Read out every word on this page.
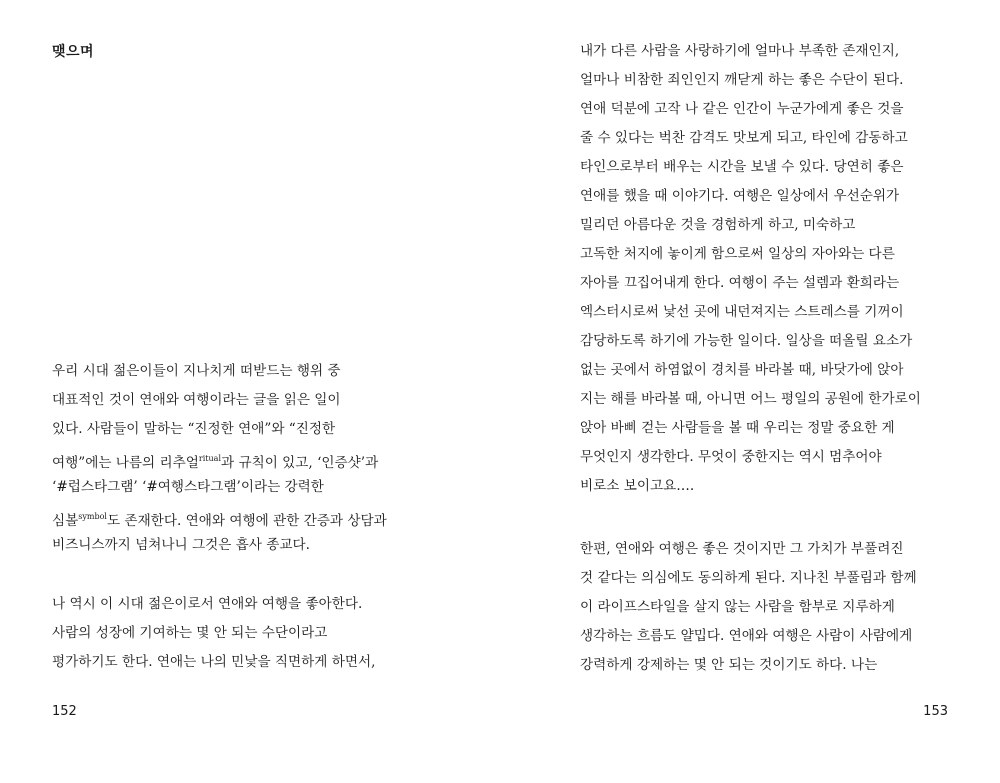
맺으며
우리 시대 젊은이들이 지나치게 떠받드는 행위 중
대표적인 것이 연애와 여행이라는 글을 읽은 일이
있다. 사람들이 말하는 “진정한 연애”와 “진정한
여행”에는 나름의 리추얼$^{ritual}$과 규칙이 있고, ‘인증샷’과
‘#럽스타그램’ ‘#여행스타그램’이라는 강력한
심볼$^{symbol}$도 존재한다. 연애와 여행에 관한 간증과 상담과
비즈니스까지 넘쳐나니 그것은 흡사 종교다.
나 역시 이 시대 젊은이로서 연애와 여행을 좋아한다.
사람의 성장에 기여하는 몇 안 되는 수단이라고
평가하기도 한다. 연애는 나의 민낯을 직면하게 하면서,
152
내가 다른 사람을 사랑하기에 얼마나 부족한 존재인지,
얼마나 비참한 죄인인지 깨닫게 하는 좋은 수단이 된다.
연애 덕분에 고작 나 같은 인간이 누군가에게 좋은 것을
줄 수 있다는 벅찬 감격도 맛보게 되고, 타인에 감동하고
타인으로부터 배우는 시간을 보낼 수 있다. 당연히 좋은
연애를 했을 때 이야기다. 여행은 일상에서 우선순위가
밀리던 아름다운 것을 경험하게 하고, 미숙하고
고독한 처지에 놓이게 함으로써 일상의 자아와는 다른
자아를 끄집어내게 한다. 여행이 주는 설렘과 환희라는
엑스터시로써 낯선 곳에 내던져지는 스트레스를 기꺼이
감당하도록 하기에 가능한 일이다. 일상을 떠올릴 요소가
없는 곳에서 하염없이 경치를 바라볼 때, 바닷가에 앉아
지는 해를 바라볼 때, 아니면 어느 평일의 공원에 한가로이
앉아 바삐 걷는 사람들을 볼 때 우리는 정말 중요한 게
무엇인지 생각한다. 무엇이 중한지는 역시 멈추어야
비로소 보이고요….
한편, 연애와 여행은 좋은 것이지만 그 가치가 부풀려진
것 같다는 의심에도 동의하게 된다. 지나친 부풀림과 함께
이 라이프스타일을 살지 않는 사람을 함부로 지루하게
생각하는 흐름도 얄밉다. 연애와 여행은 사람이 사람에게
강력하게 강제하는 몇 안 되는 것이기도 하다. 나는
153
